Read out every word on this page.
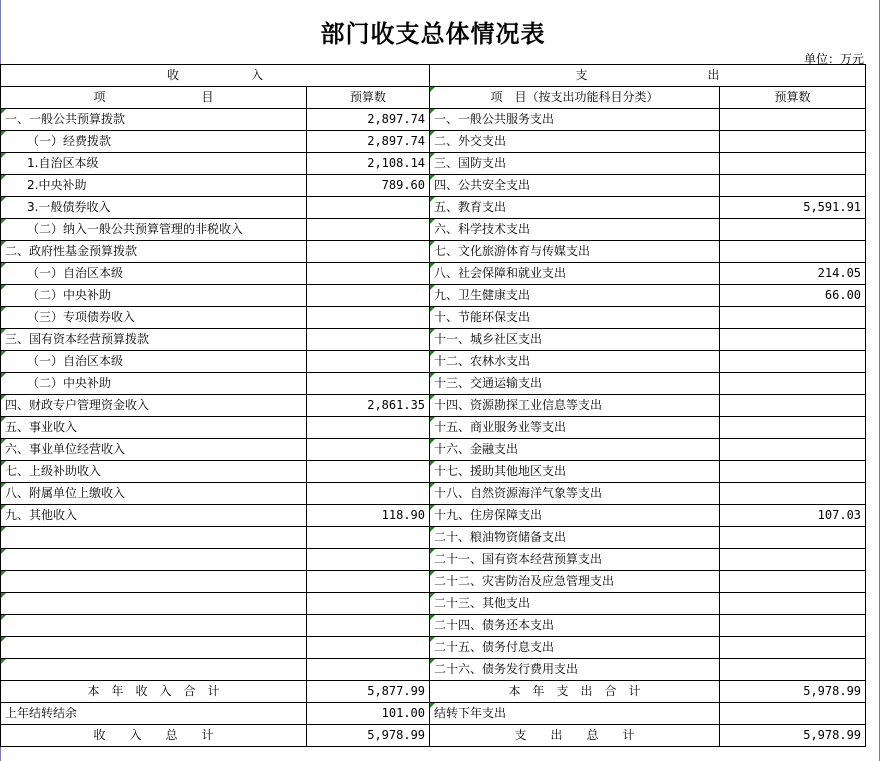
部门收支总体情况表
单位：万元
收　　　　　　入		支　　　　　　　　　　出	
项　　　　　　　　目	预算数	项　目（按支出功能科目分类）	预算数
一、一般公共预算拨款	2,897.74	一、一般公共服务支出	
（一）经费拨款	2,897.74	二、外交支出	
1.自治区本级	2,108.14	三、国防支出	
2.中央补助	789.60	四、公共安全支出	
3.一般债券收入		五、教育支出	5,591.91
（二）纳入一般公共预算管理的非税收入		六、科学技术支出	
二、政府性基金预算拨款		七、文化旅游体育与传媒支出	
（一）自治区本级		八、社会保障和就业支出	214.05
（二）中央补助		九、卫生健康支出	66.00
（三）专项债券收入		十、节能环保支出	
三、国有资本经营预算拨款		十一、城乡社区支出	
（一）自治区本级		十二、农林水支出	
（二）中央补助		十三、交通运输支出	
四、财政专户管理资金收入	2,861.35	十四、资源勘探工业信息等支出	
五、事业收入		十五、商业服务业等支出	
六、事业单位经营收入		十六、金融支出	
七、上级补助收入		十七、援助其他地区支出	
八、附属单位上缴收入		十八、自然资源海洋气象等支出	
九、其他收入	118.90	十九、住房保障支出	107.03
		二十、粮油物资储备支出	
		二十一、国有资本经营预算支出	
		二十二、灾害防治及应急管理支出	
		二十三、其他支出	
		二十四、债务还本支出	
		二十五、债务付息支出	
		二十六、债务发行费用支出	
本　年　收　入　合　计	5,877.99	本　年　支　出　合　计	5,978.99
上年结转结余	101.00	结转下年支出	
收　　入　　总　　计	5,978.99	支　　出　　总　　计	5,978.99
